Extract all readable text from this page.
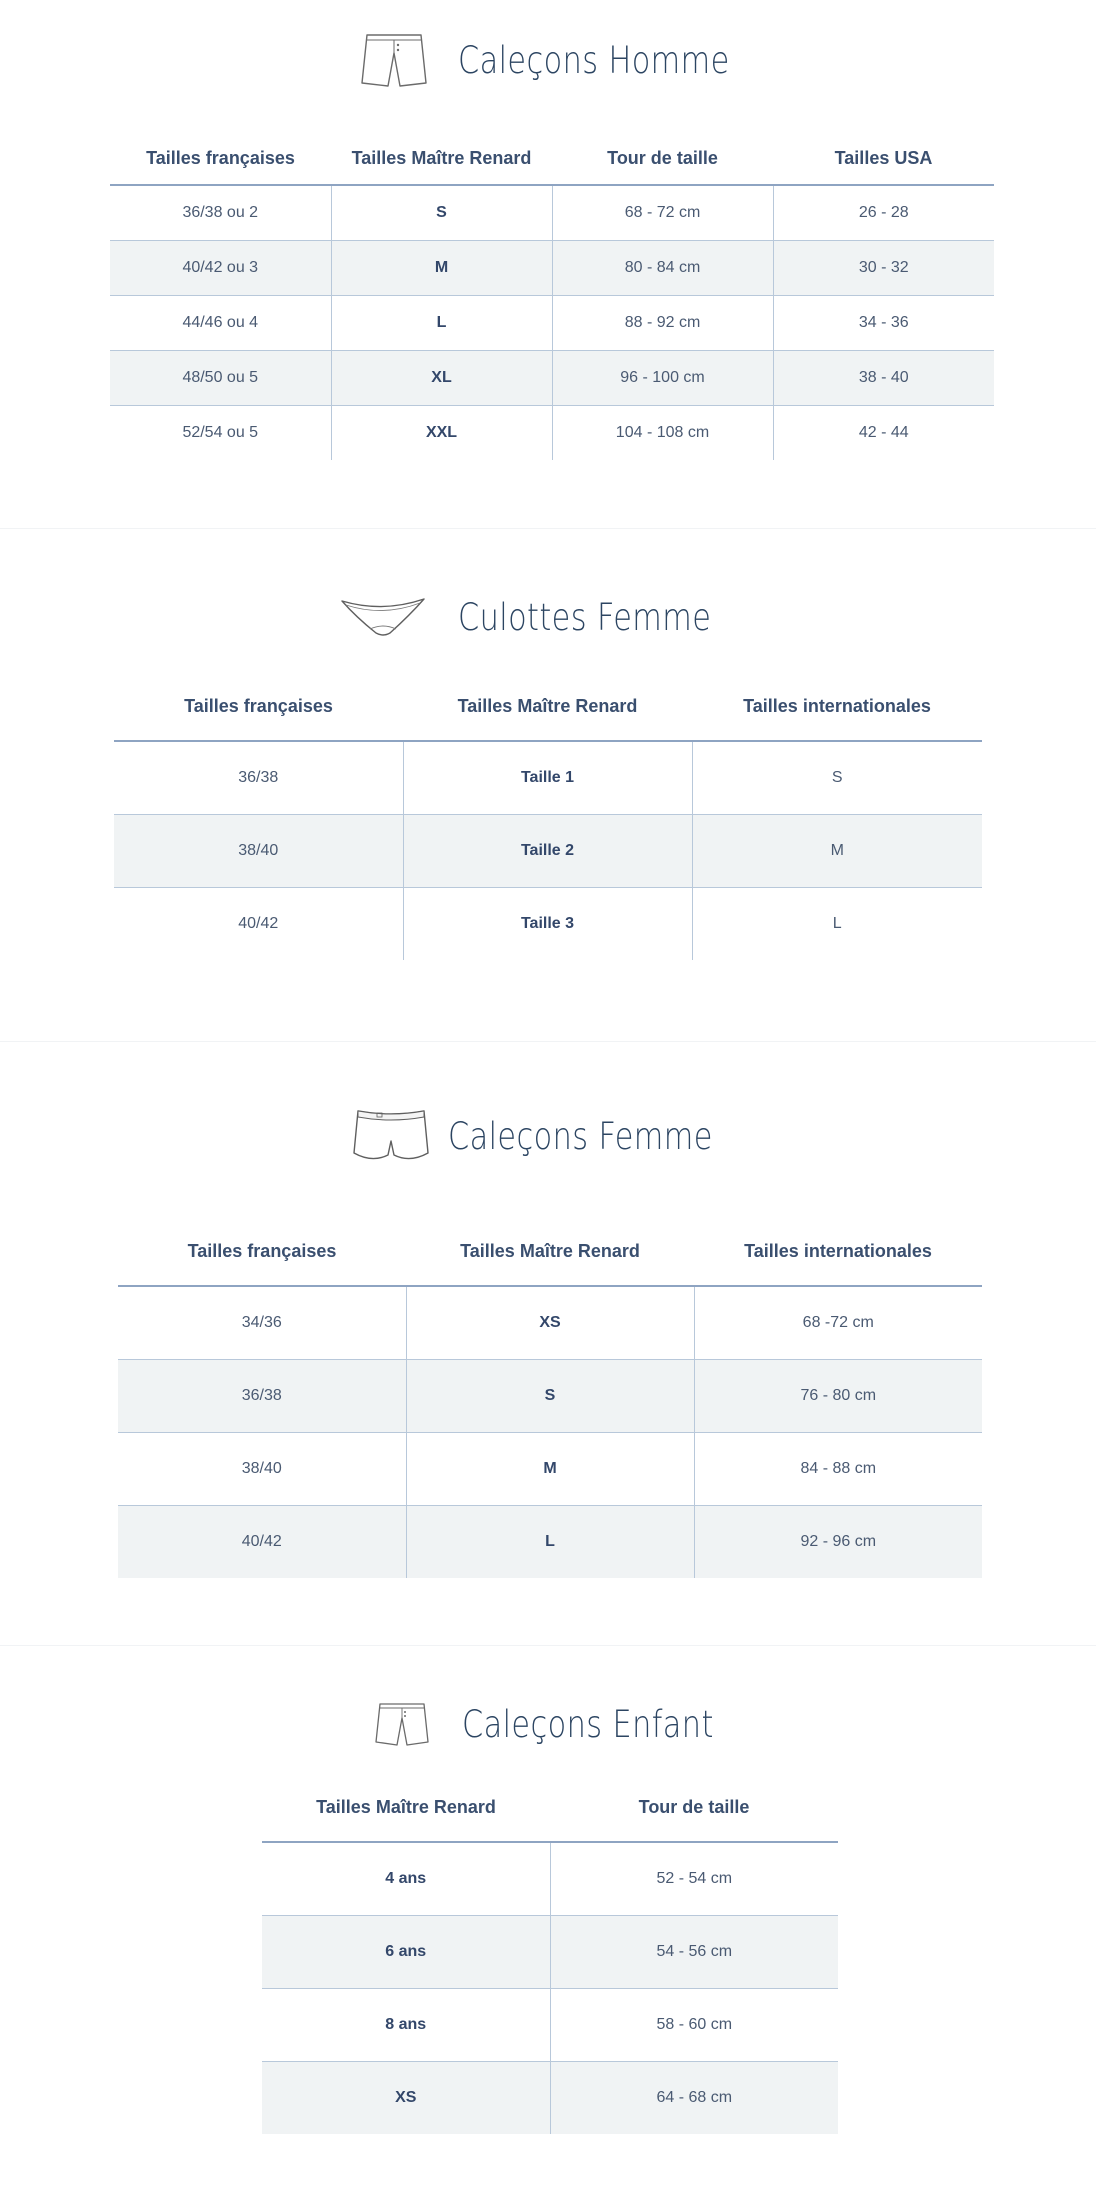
Caleçons Homme
Tailles françaises	Tailles Maître Renard	Tour de taille	Tailles USA
36/38 ou 2	S	68 - 72 cm	26 - 28
40/42 ou 3	M	80 - 84 cm	30 - 32
44/46 ou 4	L	88 - 92 cm	34 - 36
48/50 ou 5	XL	96 - 100 cm	38 - 40
52/54 ou 5	XXL	104 - 108 cm	42 - 44
Culottes Femme
Tailles françaises	Tailles Maître Renard	Tailles internationales
36/38	Taille 1	S
38/40	Taille 2	M
40/42	Taille 3	L
Caleçons Femme
Tailles françaises	Tailles Maître Renard	Tailles internationales
34/36	XS	68 -72 cm
36/38	S	76 - 80 cm
38/40	M	84 - 88 cm
40/42	L	92 - 96 cm
Caleçons Enfant
Tailles Maître Renard	Tour de taille
4 ans	52 - 54 cm
6 ans	54 - 56 cm
8 ans	58 - 60 cm
XS	64 - 68 cm
